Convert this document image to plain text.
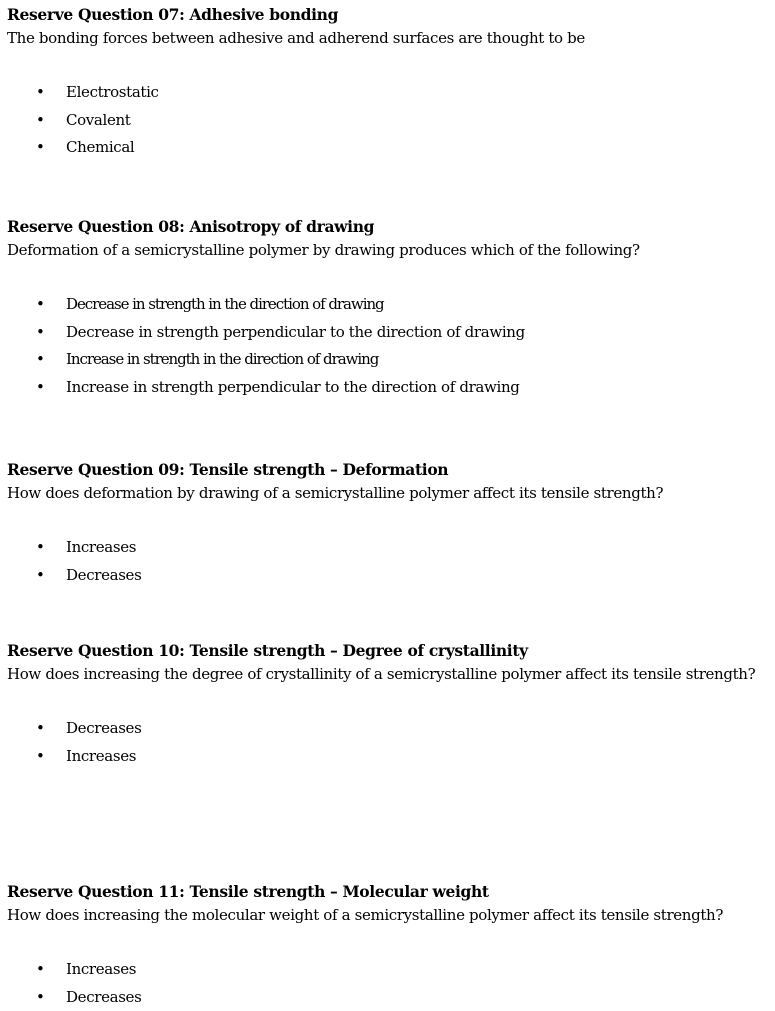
Reserve Question 07: Adhesive bonding

The bonding forces between adhesive and adherend surfaces are thought to be

• Electrostatic
• Covalent
• Chemical

Reserve Question 08: Anisotropy of drawing

Deformation of a semicrystalline polymer by drawing produces which of the following?

• Decrease in strength in the direction of drawing
• Decrease in strength perpendicular to the direction of drawing
• Increase in strength in the direction of drawing
• Increase in strength perpendicular to the direction of drawing

Reserve Question 09: Tensile strength – Deformation

How does deformation by drawing of a semicrystalline polymer affect its tensile strength?

• Increases
• Decreases

Reserve Question 10: Tensile strength – Degree of crystallinity

How does increasing the degree of crystallinity of a semicrystalline polymer affect its tensile strength?

• Decreases
• Increases

Reserve Question 11: Tensile strength – Molecular weight

How does increasing the molecular weight of a semicrystalline polymer affect its tensile strength?

• Increases
• Decreases
